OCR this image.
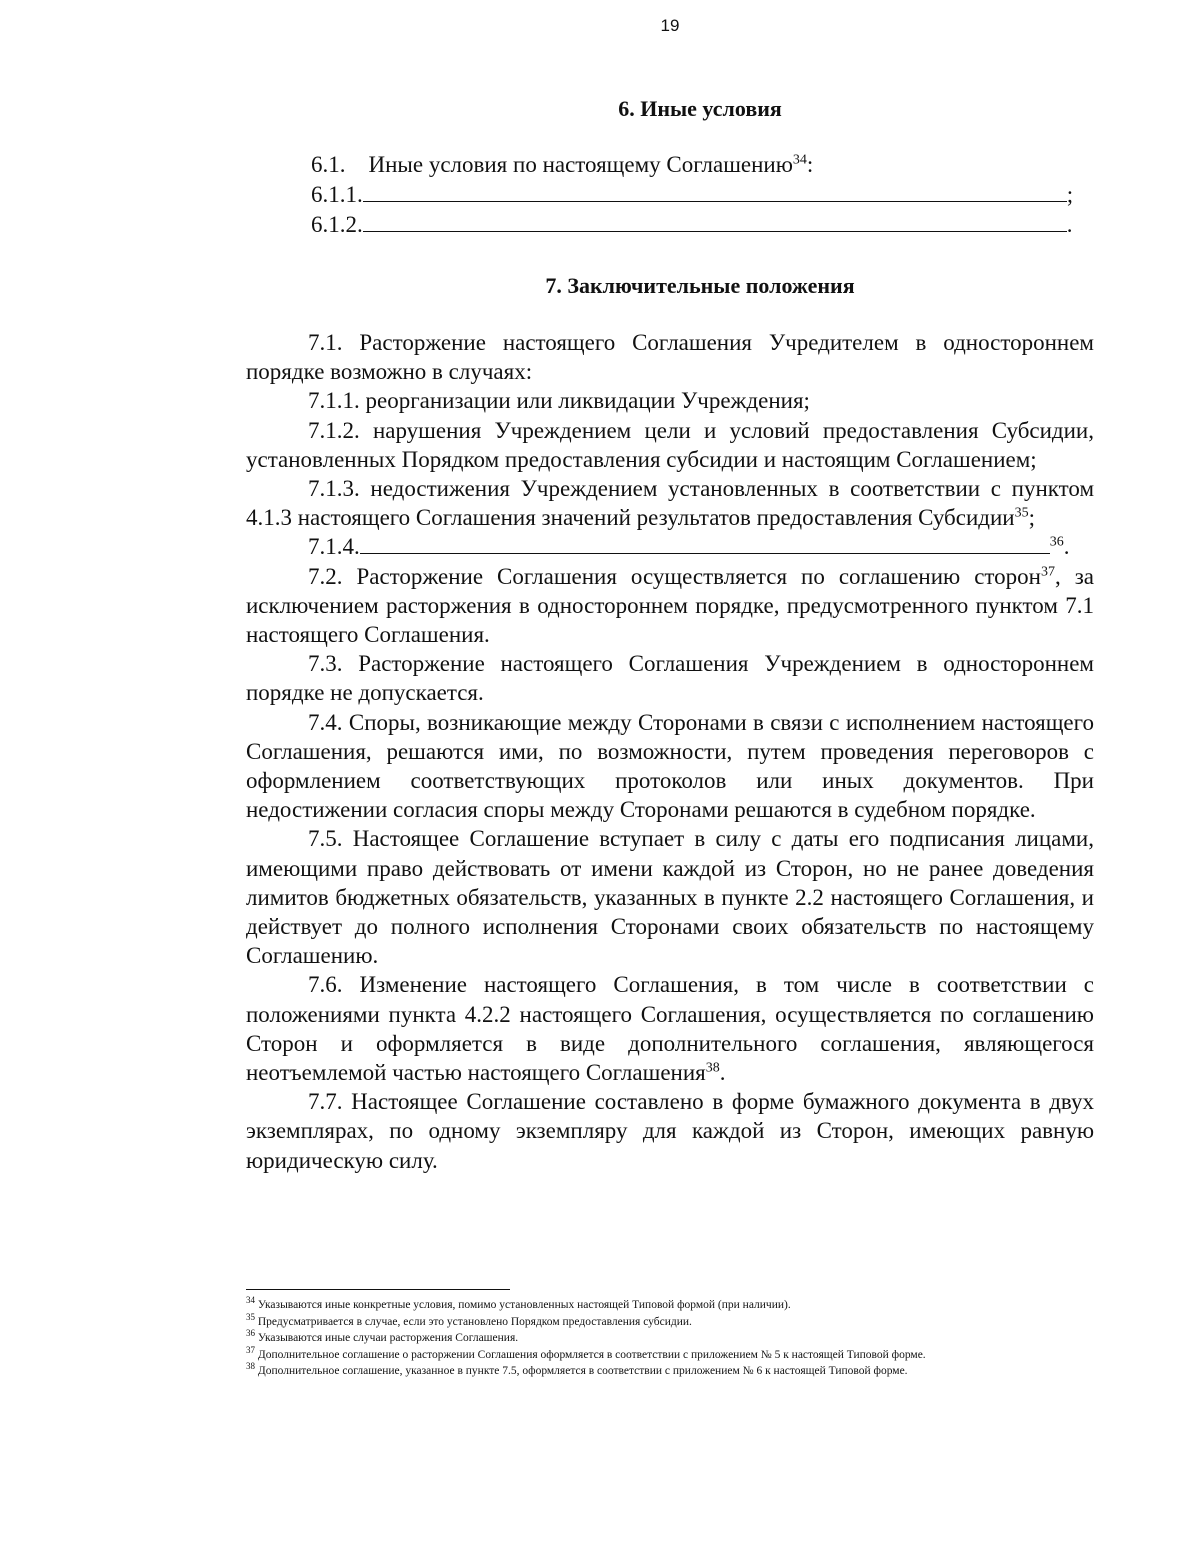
19
6. Иные условия
6.1. Иные условия по настоящему Соглашению$^{34}$:
6.1.1.	;
6.1.2.	.
7. Заключительные положения

7.1. Расторжение настоящего Соглашения Учредителем в одностороннем порядке возможно в случаях:

7.1.1. реорганизации или ликвидации Учреждения;

7.1.2. нарушения Учреждением цели и условий предоставления Субсидии, установленных Порядком предоставления субсидии и настоящим Соглашением;

7.1.3. недостижения Учреждением установленных в соответствии с пунктом 4.1.3 настоящего Соглашения значений результатов предоставления Субсидии$^{35}$;

7.1.4.	$^{36}$.

7.2. Расторжение Соглашения осуществляется по соглашению сторон$^{37}$, за исключением расторжения в одностороннем порядке, предусмотренного пунктом 7.1 настоящего Соглашения.

7.3. Расторжение настоящего Соглашения Учреждением в одностороннем порядке не допускается.

7.4. Споры, возникающие между Сторонами в связи с исполнением настоящего Соглашения, решаются ими, по возможности, путем проведения переговоров с оформлением соответствующих протоколов или иных документов. При недостижении согласия споры между Сторонами решаются в судебном порядке.

7.5. Настоящее Соглашение вступает в силу с даты его подписания лицами, имеющими право действовать от имени каждой из Сторон, но не ранее доведения лимитов бюджетных обязательств, указанных в пункте 2.2 настоящего Соглашения, и действует до полного исполнения Сторонами своих обязательств по настоящему Соглашению.

7.6. Изменение настоящего Соглашения, в том числе в соответствии с положениями пункта 4.2.2 настоящего Соглашения, осуществляется по соглашению Сторон и оформляется в виде дополнительного соглашения, являющегося неотъемлемой частью настоящего Соглашения$^{38}$.

7.7. Настоящее Соглашение составлено в форме бумажного документа в двух экземплярах, по одному экземпляру для каждой из Сторон, имеющих равную юридическую силу.

$^{34}$ Указываются иные конкретные условия, помимо установленных настоящей Типовой формой (при наличии).

$^{35}$ Предусматривается в случае, если это установлено Порядком предоставления субсидии.

$^{36}$ Указываются иные случаи расторжения Соглашения.

$^{37}$ Дополнительное соглашение о расторжении Соглашения оформляется в соответствии с приложением № 5 к настоящей Типовой форме.

$^{38}$ Дополнительное соглашение, указанное в пункте 7.5, оформляется в соответствии с приложением № 6 к настоящей Типовой форме.
